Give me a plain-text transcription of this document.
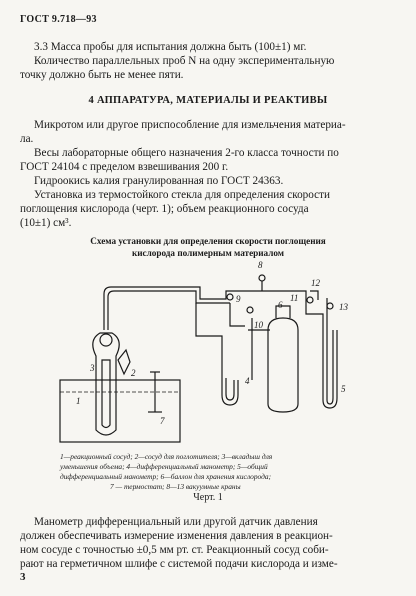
ГОСТ 9.718—93
3.3 Масса пробы для испытания должна быть (100±1) мг.
Количество параллельных проб N на одну экспериментальную
точку должно быть не менее пяти.
4 АППАРАТУРА, МАТЕРИАЛЫ И РЕАКТИВЫ
Микротом или другое приспособление для измельчения материа-
ла.
Весы лабораторные общего назначения 2-го класса точности по
ГОСТ 24104 с пределом взвешивания 200 г.
Гидроокись калия гранулированная по ГОСТ 24363.
Установка из термостойкого стекла для определения скорости
поглощения кислорода (черт. 1); объем реакционного сосуда
(10±1) см³.
Схема установки для определения скорости поглощения
кислорода полимерным материалом
1
2
3
4
5
6
7
8
9
10
11
12
13
1—реакционный сосуд; 2—сосуд для поглотителя; 3—вкладыш для
уменьшения объема; 4—дифференциальный манометр; 5—общий
дифференциальный манометр; 6—баллон для хранения кислорода;
7 — термостат; 8—13 вакуумные краны
Черт. 1
Манометр дифференциальный или другой датчик давления
должен обеспечивать измерение изменения давления в реакцион-
ном сосуде с точностью ±0,5 мм рт. ст. Реакционный сосуд соби-
рают на герметичном шлифе с системой подачи кислорода и изме-
3
